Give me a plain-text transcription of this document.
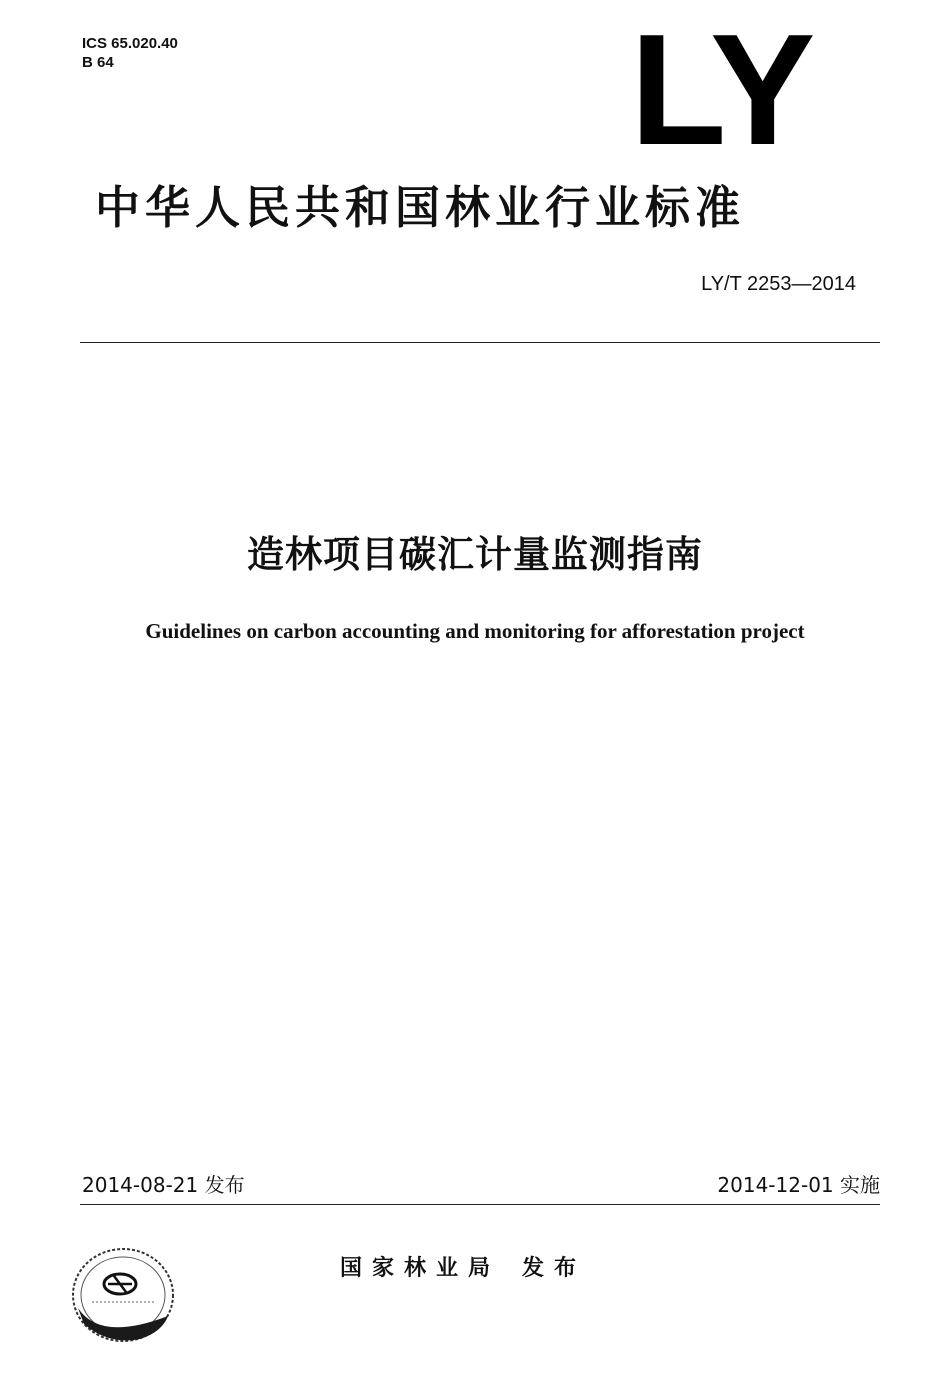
ICS 65.020.40
B 64	LY
中华人民共和国林业行业标准
LY/T 2253—2014
造林项目碳汇计量监测指南
Guidelines on carbon accounting and monitoring for afforestation project
2014-08-21 发布	2014-12-01 实施
国家林业局 发布
